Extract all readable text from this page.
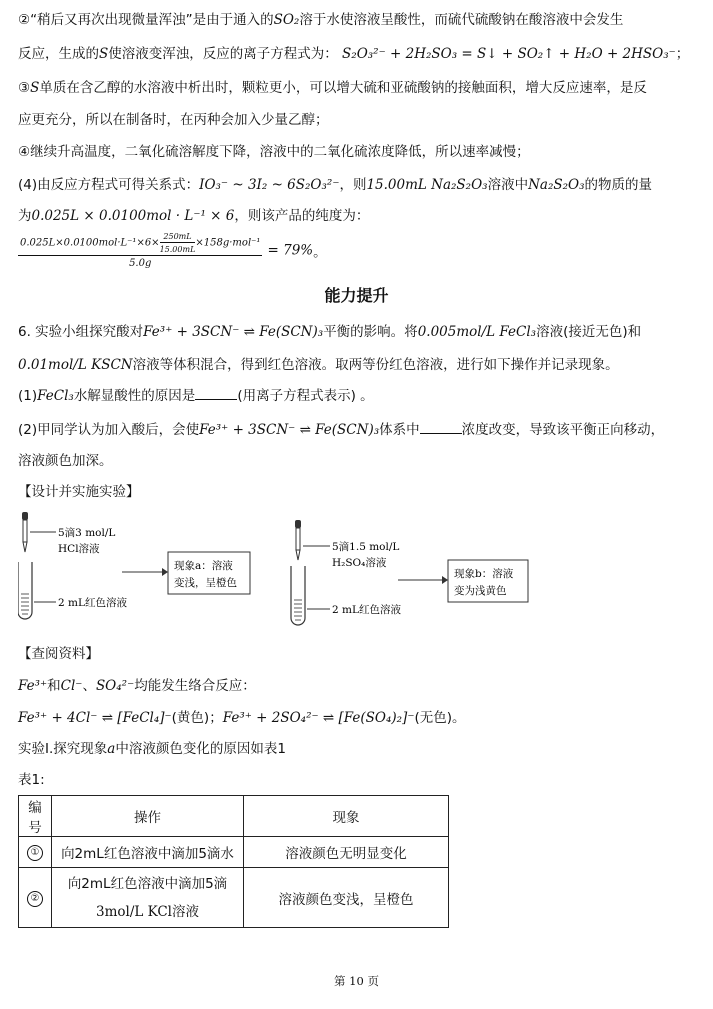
②“稍后又再次出现微量浑浊”是由于通入的SO₂溶于水使溶液呈酸性，而硫代硫酸钠在酸溶液中会发生
反应，生成的S使溶液变浑浊，反应的离子方程式为： S₂O₃²⁻ + 2H₂SO₃ = S↓ + SO₂↑ + H₂O + 2HSO₃⁻；
③S单质在含乙醇的水溶液中析出时，颗粒更小，可以增大硫和亚硫酸钠的接触面积，增大反应速率，是反
应更充分，所以在制备时，在丙种会加入少量乙醇；
④继续升高温度，二氧化硫溶解度下降，溶液中的二氧化硫浓度降低，所以速率减慢；
(4)由反应方程式可得关系式：IO₃⁻ ~ 3I₂ ~ 6S₂O₃²⁻，则15.00mL Na₂S₂O₃溶液中Na₂S₂O₃的物质的量
为0.025L × 0.0100mol · L⁻¹ × 6，则该产品的纯度为：
$\frac{0.025L\times 0.0100mol\cdot L^{-1}\times 6\times \frac{250mL}{15.00mL} \times 158g\cdot mol^{-1}}{5.0g} = 79\%$。
能力提升
6. 实验小组探究酸对Fe³⁺ + 3SCN⁻ ⇌ Fe(SCN)₃平衡的影响。将0.005mol/L FeCl₃溶液(接近无色)和
0.01mol/L KSCN溶液等体积混合，得到红色溶液。取两等份红色溶液，进行如下操作并记录现象。
(1)FeCl₃水解显酸性的原因是	(用离子方程式表示) 。
(2)甲同学认为加入酸后，会使Fe³⁺ + 3SCN⁻ ⇌ Fe(SCN)₃体系中	浓度改变，导致该平衡正向移动，
溶液颜色加深。
【设计并实施实验】
5滴3 mol/L
HCl溶液
2 mL红色溶液
现象a：溶液
变浅，呈橙色
5滴1.5 mol/L
H₂SO₄溶液
2 mL红色溶液
现象b：溶液
变为浅黄色
【查阅资料】
Fe³⁺和Cl⁻、SO₄²⁻均能发生络合反应：
Fe³⁺ + 4Cl⁻ ⇌ [FeCl₄]⁻(黄色)；Fe³⁺ + 2SO₄²⁻ ⇌ [Fe(SO₄)₂]⁻(无色)。
实验I.探究现象a中溶液颜色变化的原因如表1
表1:
编号	操作	现象
①	向2mL红色溶液中滴加5滴水	溶液颜色无明显变化
②	向2mL红色溶液中滴加5滴
3mol/L KCl溶液	溶液颜色变浅，呈橙色
第 10 页
